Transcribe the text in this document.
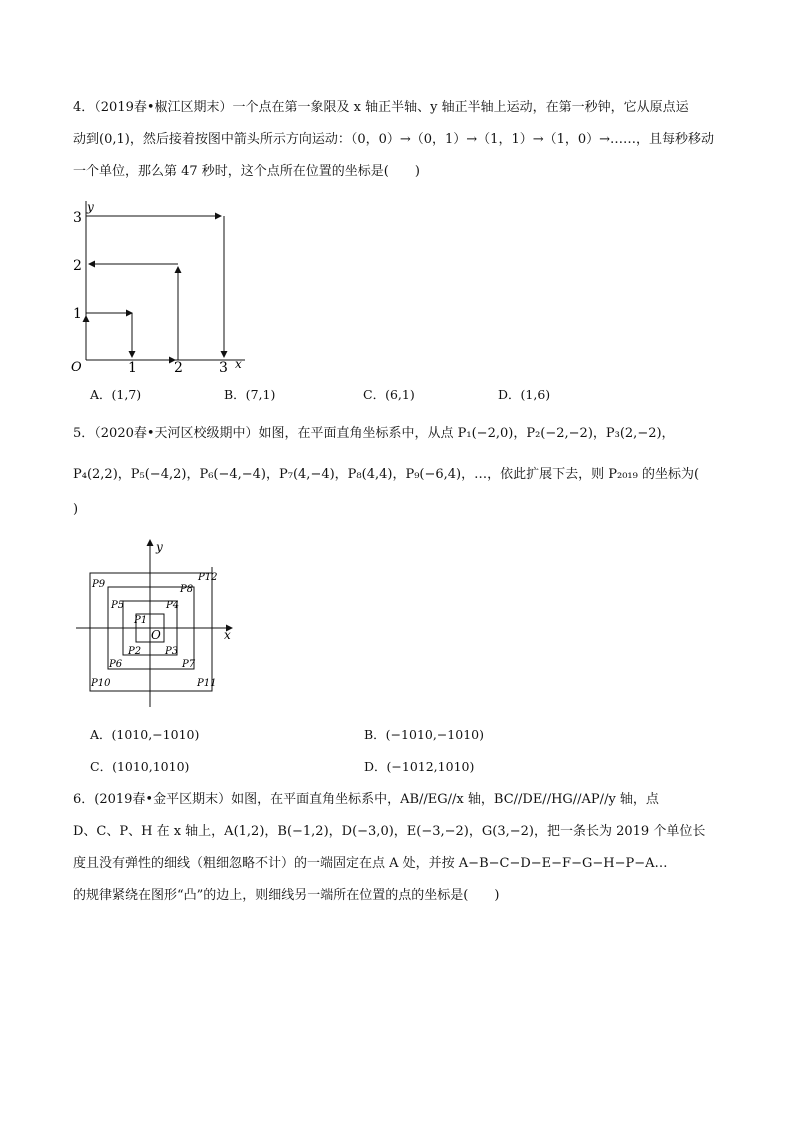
4．（2019春•椒江区期末）一个点在第一象限及 x 轴正半轴、y 轴正半轴上运动，在第一秒钟，它从原点运
动到(0,1)，然后接着按图中箭头所示方向运动：（0，0）→（0，1）→（1，1）→（1，0）→……，且每秒移动
一个单位，那么第 47 秒时，这个点所在位置的坐标是(　　)
y
x
O	1	2	3
1
2
3
A．(1,7)	B．(7,1)	C．(6,1)	D．(1,6)
5．（2020春•天河区校级期中）如图，在平面直角坐标系中，从点 P₁(−2,0)，P₂(−2,−2)，P₃(2,−2)，
P₄(2,2)，P₅(−4,2)，P₆(−4,−4)，P₇(4,−4)，P₈(4,4)，P₉(−6,4)，…，依此扩展下去，则 P₂₀₁₉ 的坐标为(
)
y
x
O
P1
P2 P3
P4
P5
P6	P7
P8
P9
P10	P11
P12
A．(1010,−1010)	B．(−1010,−1010)
C．(1010,1010)	D．(−1012,1010)
6．(2019春•金平区期末）如图，在平面直角坐标系中，AB//EG//x 轴，BC//DE//HG//AP//y 轴，点
D、C、P、H 在 x 轴上，A(1,2)，B(−1,2)，D(−3,0)，E(−3,−2)，G(3,−2)，把一条长为 2019 个单位长
度且没有弹性的细线（粗细忽略不计）的一端固定在点 A 处，并按 A−B−C−D−E−F−G−H−P−A…
的规律紧绕在图形“凸”的边上，则细线另一端所在位置的点的坐标是(　　)
